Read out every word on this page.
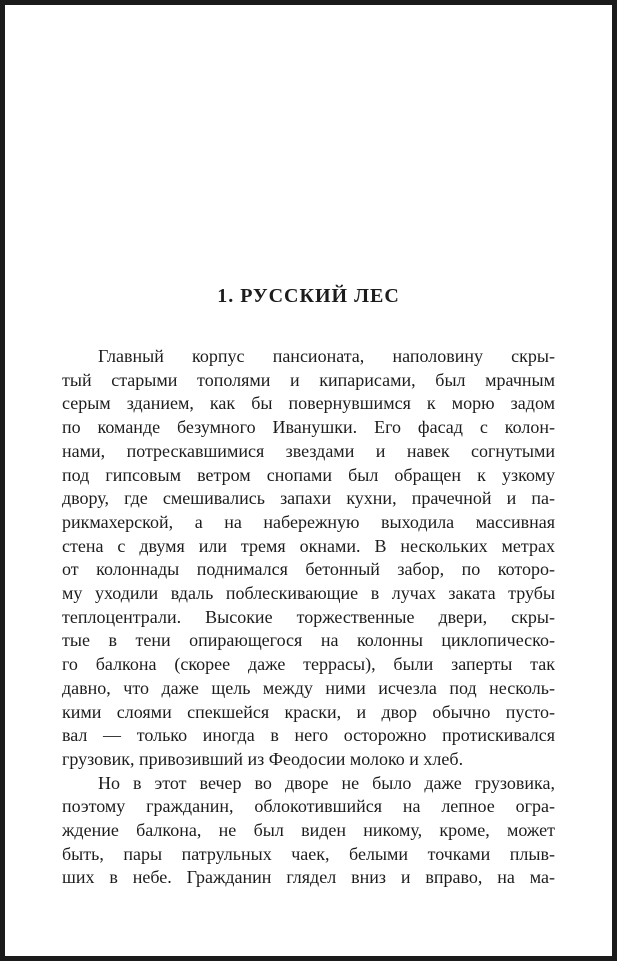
1. РУССКИЙ ЛЕС
Главный корпус пансионата, наполовину скры-
тый старыми тополями и кипарисами, был мрачным
серым зданием, как бы повернувшимся к морю задом
по команде безумного Иванушки. Его фасад с колон-
нами, потрескавшимися звездами и навек согнутыми
под гипсовым ветром снопами был обращен к узкому
двору, где смешивались запахи кухни, прачечной и па-
рикмахерской, а на набережную выходила массивная
стена с двумя или тремя окнами. В нескольких метрах
от колоннады поднимался бетонный забор, по которо-
му уходили вдаль поблескивающие в лучах заката трубы
теплоцентрали. Высокие торжественные двери, скры-
тые в тени опирающегося на колонны циклопическо-
го балкона (скорее даже террасы), были заперты так
давно, что даже щель между ними исчезла под несколь-
кими слоями спекшейся краски, и двор обычно пусто-
вал — только иногда в него осторожно протискивался
грузовик, привозивший из Феодосии молоко и хлеб.
Но в этот вечер во дворе не было даже грузовика,
поэтому гражданин, облокотившийся на лепное огра-
ждение балкона, не был виден никому, кроме, может
быть, пары патрульных чаек, белыми точками плыв-
ших в небе. Гражданин глядел вниз и вправо, на ма-
